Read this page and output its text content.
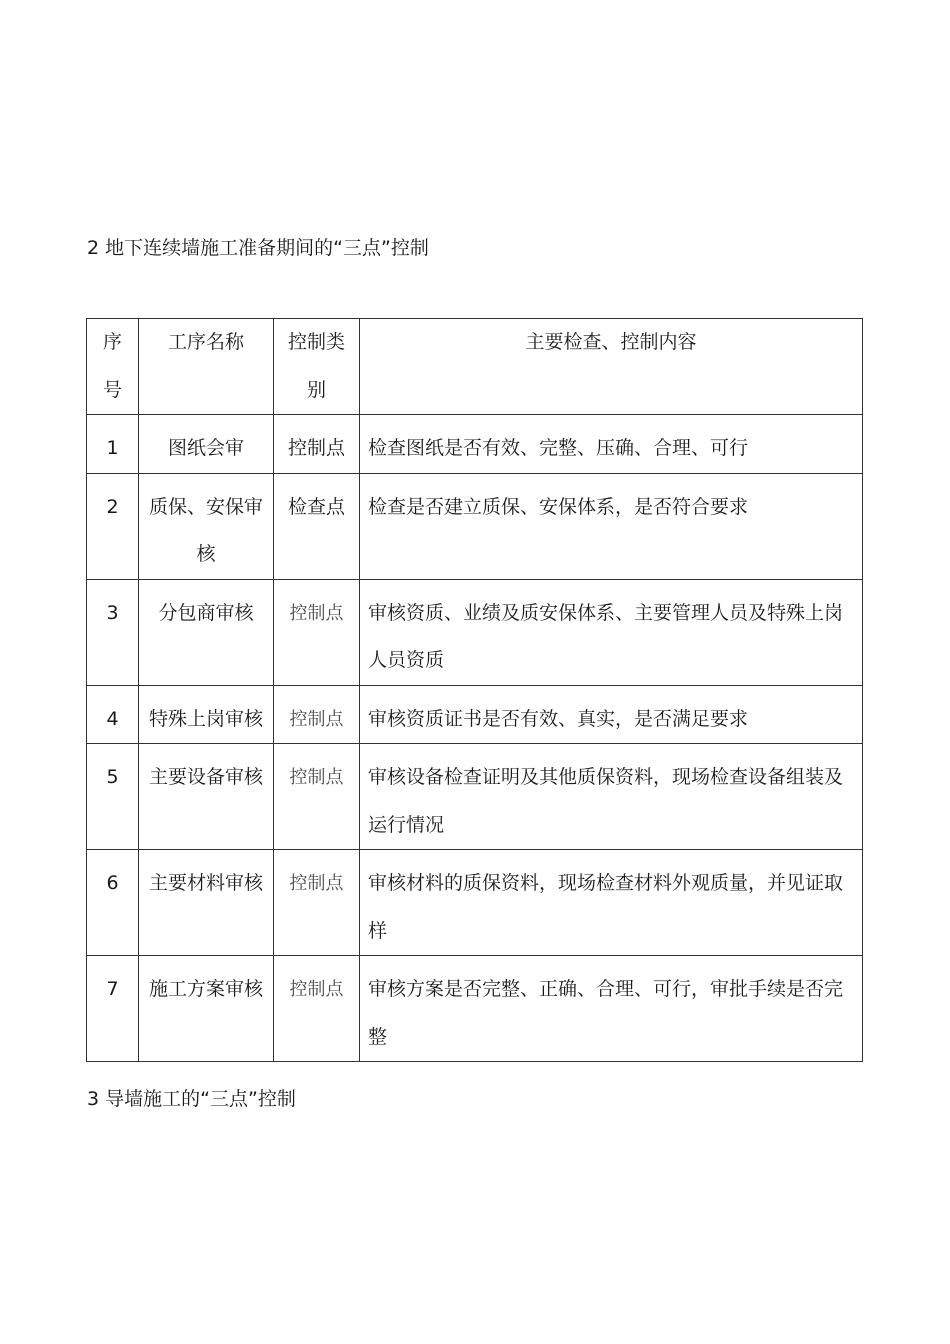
2 地下连续墙施工准备期间的“三点”控制
序号	工序名称	控制类别	主要检查、控制内容

1	图纸会审	控制点	检查图纸是否有效、完整、压确、合理、可行

2	质保、安保审核	检查点	检查是否建立质保、安保体系，是否符合要求

3	分包商审核	控制点	审核资质、业绩及质安保体系、主要管理人员及特殊上岗人员资质

4	特殊上岗审核	控制点	审核资质证书是否有效、真实，是否满足要求

5	主要设备审核	控制点	审核设备检查证明及其他质保资料，现场检查设备组装及运行情况

6	主要材料审核	控制点	审核材料的质保资料，现场检查材料外观质量，并见证取样

7	施工方案审核	控制点	审核方案是否完整、正确、合理、可行，审批手续是否完整
3 导墙施工的“三点”控制
